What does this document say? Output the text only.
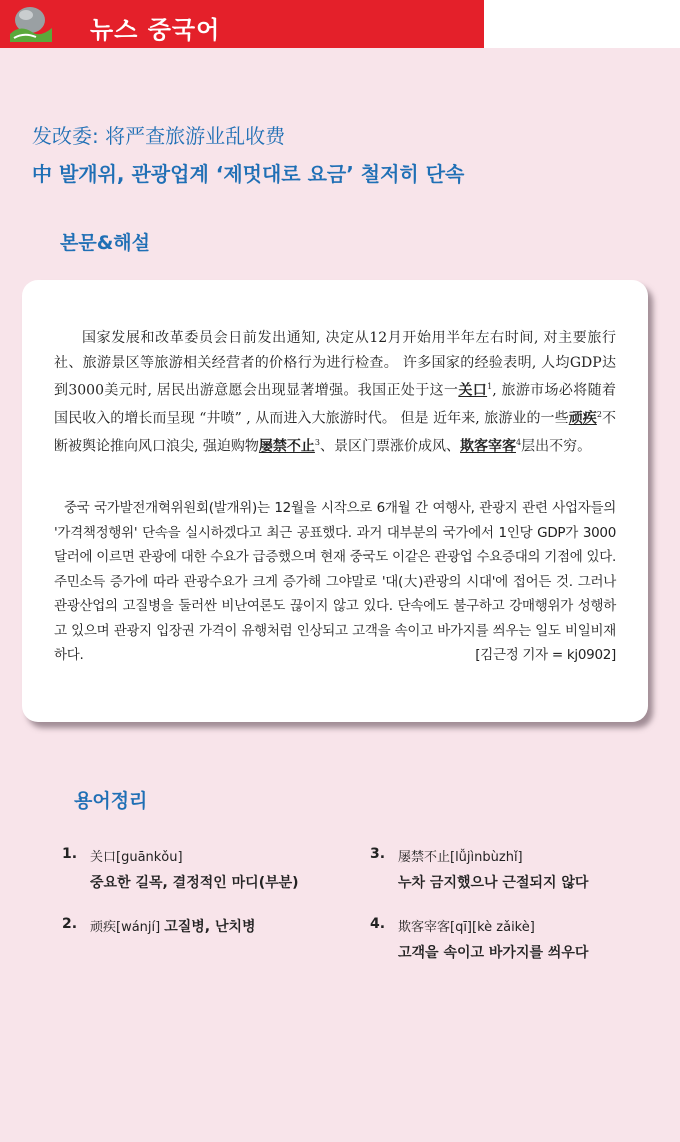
뉴스 중국어
发改委: 将严查旅游业乱收费
中 발개위, 관광업계 ‘제멋대로 요금’ 철저히 단속
본문&해설
国家发展和改革委员会日前发出通知, 决定从12月开始用半年左右时间, 对主要旅行社、旅游景区等旅游相关经营者的价格行为进行检查。 许多国家的经验表明, 人均GDP达到3000美元时, 居民出游意愿会出现显著增强。我国正处于这一关口$^1$, 旅游市场必将随着国民收入的增长而呈现 “井喷” , 从而进入大旅游时代。 但是 近年来, 旅游业的一些顽疾$^2$不断被舆论推向风口浪尖, 强迫购物屡禁不止$^3$、景区门票涨价成风、欺客宰客$^4$层出不穷。
중국 국가발전개혁위원회(발개위)는 12월을 시작으로 6개월 간 여행사, 관광지 관련 사업자들의 '가격책정행위' 단속을 실시하겠다고 최근 공표했다. 과거 대부분의 국가에서 1인당 GDP가 3000달러에 이르면 관광에 대한 수요가 급증했으며 현재 중국도 이같은 관광업 수요증대의 기점에 있다. 주민소득 증가에 따라 관광수요가 크게 증가해 그야말로 '대(大)관광의 시대'에 접어든 것. 그러나 관광산업의 고질병을 둘러싼 비난여론도 끊이지 않고 있다. 단속에도 불구하고 강매행위가 성행하고 있으며 관광지 입장권 가격이 유행처럼 인상되고 고객을 속이고 바가지를 씌우는 일도 비일비재하다.	[김근정 기자 = kj0902]
용어정리
1. 关口[guānkǒu]
중요한 길목, 결정적인 마디(부분)
2. 顽疾[wánjí] 고질병, 난치병
3. 屡禁不止[lǚjìnbùzhǐ]
누차 금지했으나 근절되지 않다
4. 欺客宰客[qī][kè zǎikè]
고객을 속이고 바가지를 씌우다
